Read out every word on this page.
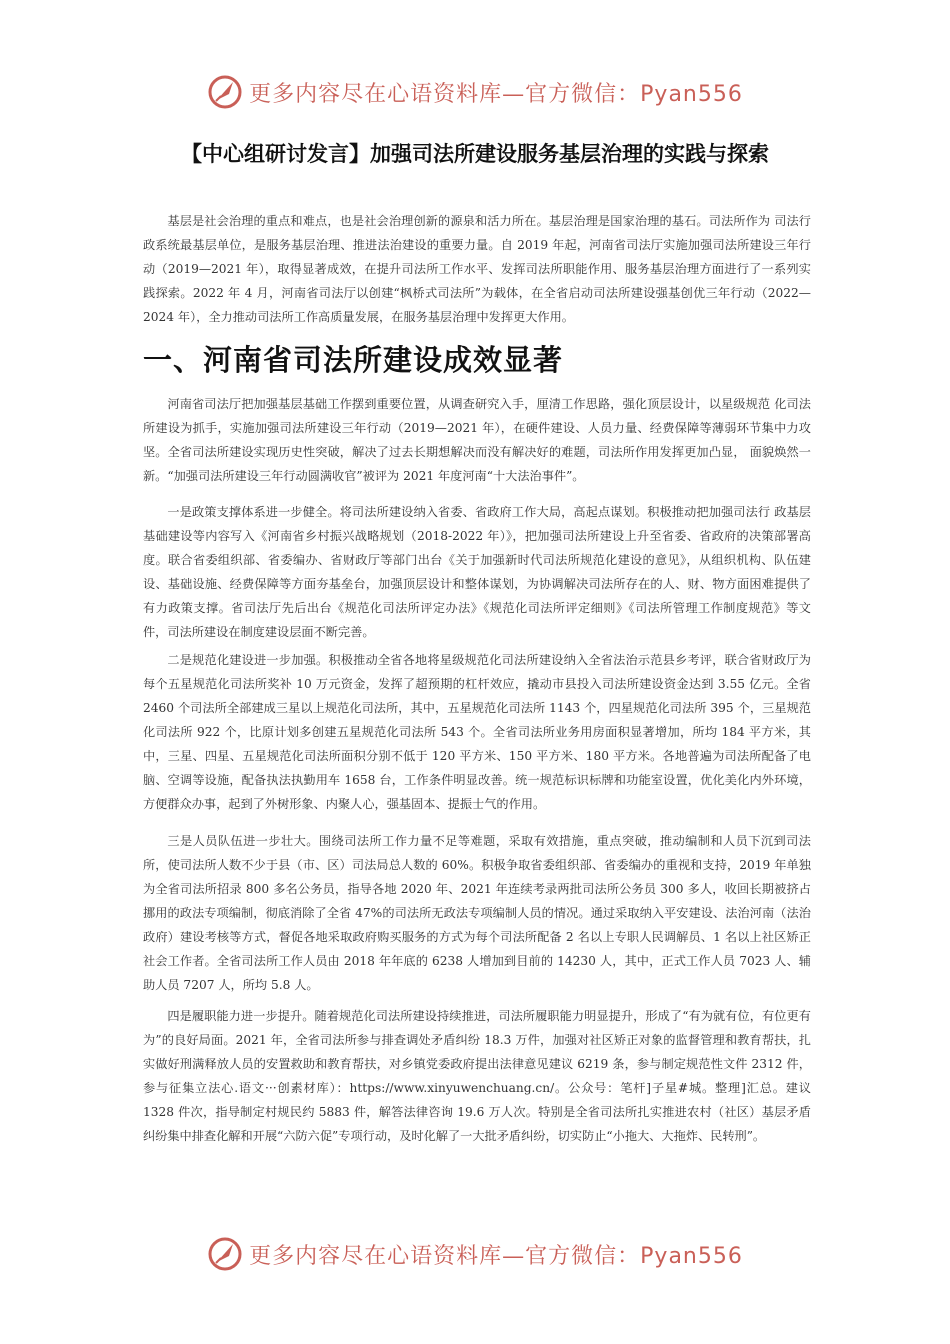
更多内容尽在心语资料库—官方微信：Pyan556
【中心组研讨发言】加强司法所建设服务基层治理的实践与探索

基层是社会治理的重点和难点，也是社会治理创新的源泉和活力所在。基层治理是国家治理的基石。司法所作为 司法行政系统最基层单位，是服务基层治理、推进法治建设的重要力量。自 2019 年起，河南省司法厅实施加强司法所建设三年行动（2019—2021 年），取得显著成效，在提升司法所工作水平、发挥司法所职能作用、服务基层治理方面进行了一系列实践探索。2022 年 4 月，河南省司法厅以创建“枫桥式司法所”为载体，在全省启动司法所建设强基创优三年行动（2022—2024 年），全力推动司法所工作高质量发展，在服务基层治理中发挥更大作用。

一、河南省司法所建设成效显著

河南省司法厅把加强基层基础工作摆到重要位置，从调查研究入手，厘清工作思路，强化顶层设计，以星级规范 化司法所建设为抓手，实施加强司法所建设三年行动（2019—2021 年），在硬件建设、人员力量、经费保障等薄弱环节集中力攻坚。全省司法所建设实现历史性突破，解决了过去长期想解决而没有解决好的难题，司法所作用发挥更加凸显， 面貌焕然一新。“加强司法所建设三年行动圆满收官”被评为 2021 年度河南“十大法治事件”。

一是政策支撑体系进一步健全。将司法所建设纳入省委、省政府工作大局，高起点谋划。积极推动把加强司法行 政基层基础建设等内容写入《河南省乡村振兴战略规划（2018-2022 年）》，把加强司法所建设上升至省委、省政府的决策部署高度。联合省委组织部、省委编办、省财政厅等部门出台《关于加强新时代司法所规范化建设的意见》，从组织机构、队伍建设、基础设施、经费保障等方面夯基垒台，加强顶层设计和整体谋划，为协调解决司法所存在的人、财、物方面困难提供了有力政策支撑。省司法厅先后出台《规范化司法所评定办法》《规范化司法所评定细则》《司法所管理工作制度规范》等文件，司法所建设在制度建设层面不断完善。

二是规范化建设进一步加强。积极推动全省各地将星级规范化司法所建设纳入全省法治示范县乡考评，联合省财政厅为每个五星规范化司法所奖补 10 万元资金，发挥了超预期的杠杆效应，撬动市县投入司法所建设资金达到 3.55 亿元。全省 2460 个司法所全部建成三星以上规范化司法所，其中，五星规范化司法所 1143 个，四星规范化司法所 395 个，三星规范化司法所 922 个，比原计划多创建五星规范化司法所 543 个。全省司法所业务用房面积显著增加，所均 184 平方米，其中，三星、四星、五星规范化司法所面积分别不低于 120 平方米、150 平方米、180 平方米。各地普遍为司法所配备了电脑、空调等设施，配备执法执勤用车 1658 台，工作条件明显改善。统一规范标识标牌和功能室设置，优化美化内外环境，方便群众办事，起到了外树形象、内聚人心，强基固本、提振士气的作用。

三是人员队伍进一步壮大。围绕司法所工作力量不足等难题，采取有效措施，重点突破，推动编制和人员下沉到司法所，使司法所人数不少于县（市、区）司法局总人数的 60%。积极争取省委组织部、省委编办的重视和支持，2019 年单独为全省司法所招录 800 多名公务员，指导各地 2020 年、2021 年连续考录两批司法所公务员 300 多人，收回长期被挤占挪用的政法专项编制，彻底消除了全省 47%的司法所无政法专项编制人员的情况。通过采取纳入平安建设、法治河南（法治政府）建设考核等方式，督促各地采取政府购买服务的方式为每个司法所配备 2 名以上专职人民调解员、1 名以上社区矫正社会工作者。全省司法所工作人员由 2018 年年底的 6238 人增加到目前的 14230 人，其中，正式工作人员 7023 人、辅助人员 7207 人，所均 5.8 人。

四是履职能力进一步提升。随着规范化司法所建设持续推进，司法所履职能力明显提升，形成了“有为就有位，有位更有为”的良好局面。2021 年，全省司法所参与排查调处矛盾纠纷 18.3 万件，加强对社区矫正对象的监督管理和教育帮扶，扎实做好刑满释放人员的安置救助和教育帮扶，对乡镇党委政府提出法律意见建议 6219 条，参与制定规范性文件 2312 件，参与征集立法心.语文···创素材库）：https://www.xinyuwenchuang.cn/。公众号：笔杆]子星#城。整理]汇总。建议 1328 件次，指导制定村规民约 5883 件，解答法律咨询 19.6 万人次。特别是全省司法所扎实推进农村（社区）基层矛盾纠纷集中排查化解和开展“六防六促”专项行动，及时化解了一大批矛盾纠纷，切实防止“小拖大、大拖炸、民转刑”。

更多内容尽在心语资料库—官方微信：Pyan556
